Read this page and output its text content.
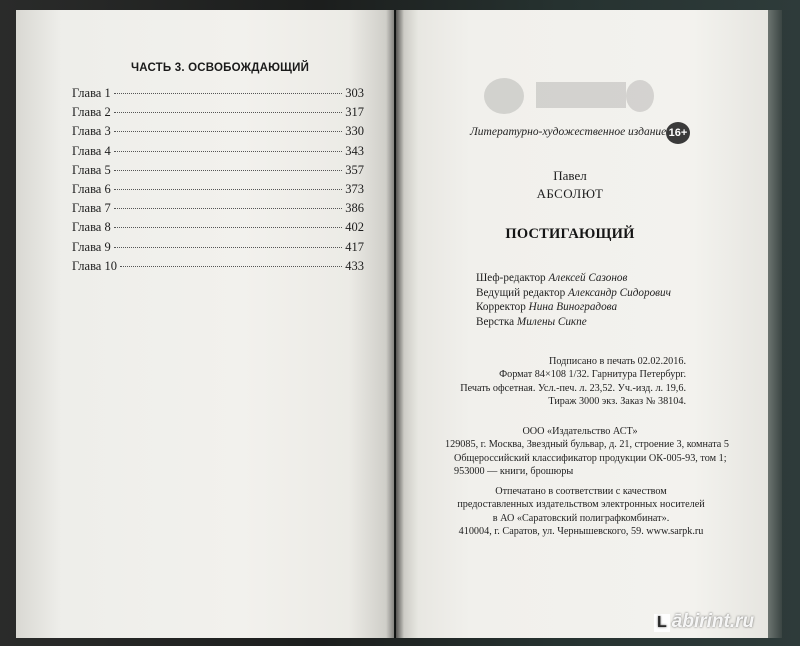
ЧАСТЬ 3. ОСВОБОЖДАЮЩИЙ
Глава 1	303
Глава 2	317
Глава 3	330
Глава 4	343
Глава 5	357
Глава 6	373
Глава 7	386
Глава 8	402
Глава 9	417
Глава 10	433
Литературно-художественное издание 16+
Павел
АБСОЛЮТ
ПОСТИГАЮЩИЙ
Шеф-редактор Алексей Сазонов
Ведущий редактор Александр Сидорович
Корректор Нина Виноградова
Верстка Милены Сикпе
Подписано в печать 02.02.2016.
Формат 84×108 1/32. Гарнитура Петербург.
Печать офсетная. Усл.-печ. л. 23,52. Уч.-изд. л. 19,6.
Тираж 3000 экз. Заказ № 38104.
ООО «Издательство АСТ»
129085, г. Москва, Звездный бульвар, д. 21, строение 3, комната 5
Общероссийский классификатор продукции ОК-005-93, том 1;
953000 — книги, брошюры
Отпечатано в соответствии с качеством
предоставленных издательством электронных носителей
в АО «Саратовский полиграфкомбинат».
410004, г. Саратов, ул. Чернышевского, 59. www.sarpk.ru
L ābirint.ru
